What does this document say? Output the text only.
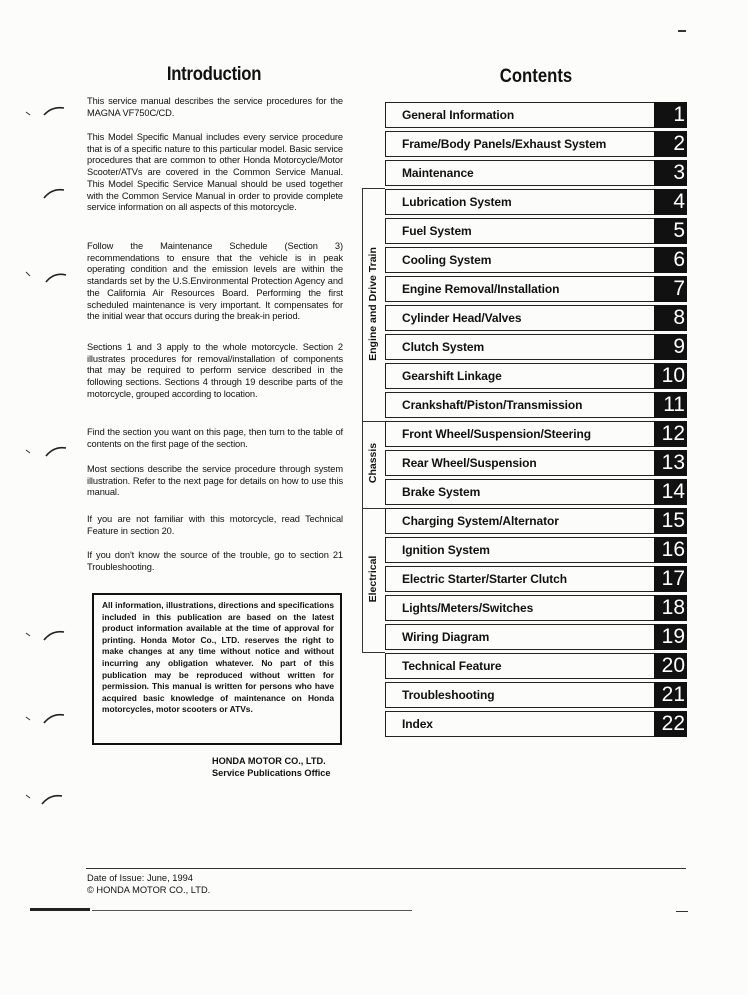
Introduction

This service manual describes the service procedures for the MAGNA VF750C/CD.

This Model Specific Manual includes every service procedure that is of a specific nature to this particular model. Basic service procedures that are common to other Honda Motorcycle/Motor Scooter/ATVs are covered in the Common Service Manual. This Model Specific Service Manual should be used together with the Common Service Manual in order to provide complete service information on all aspects of this motorcycle.

Follow the Maintenance Schedule (Section 3) recommendations to ensure that the vehicle is in peak operating condition and the emission levels are within the standards set by the U.S.Environmental Protection Agency and the California Air Resources Board. Performing the first scheduled maintenance is very important. It compensates for the initial wear that occurs during the break-in period.

Sections 1 and 3 apply to the whole motorcycle. Section 2 illustrates procedures for removal/installation of components that may be required to perform service described in the following sections. Sections 4 through 19 describe parts of the motorcycle, grouped according to location.

Find the section you want on this page, then turn to the table of contents on the first page of the section.

Most sections describe the service procedure through system illustration. Refer to the next page for details on how to use this manual.

If you are not familiar with this motorcycle, read Technical Feature in section 20.

If you don't know the source of the trouble, go to section 21 Troubleshooting.

All information, illustrations, directions and specifications included in this publication are based on the latest product information available at the time of approval for printing. Honda Motor Co., LTD. reserves the right to make changes at any time without notice and without incurring any obligation whatever. No part of this publication may be reproduced without written for permission. This manual is written for persons who have acquired basic knowledge of maintenance on Honda motorcycles, motor scooters or ATVs.
HONDA MOTOR CO., LTD.
Service Publications Office
Date of Issue: June, 1994
© HONDA MOTOR CO., LTD.
Contents
Engine and Drive Train
Chassis
Electrical
General Information	1
Frame/Body Panels/Exhaust System	2
Maintenance	3
Lubrication System	4
Fuel System	5
Cooling System	6
Engine Removal/Installation	7
Cylinder Head/Valves	8
Clutch System	9
Gearshift Linkage	10
Crankshaft/Piston/Transmission	11
Front Wheel/Suspension/Steering	12
Rear Wheel/Suspension	13
Brake System	14
Charging System/Alternator	15
Ignition System	16
Electric Starter/Starter Clutch	17
Lights/Meters/Switches	18
Wiring Diagram	19
Technical Feature	20
Troubleshooting	21
Index	22
